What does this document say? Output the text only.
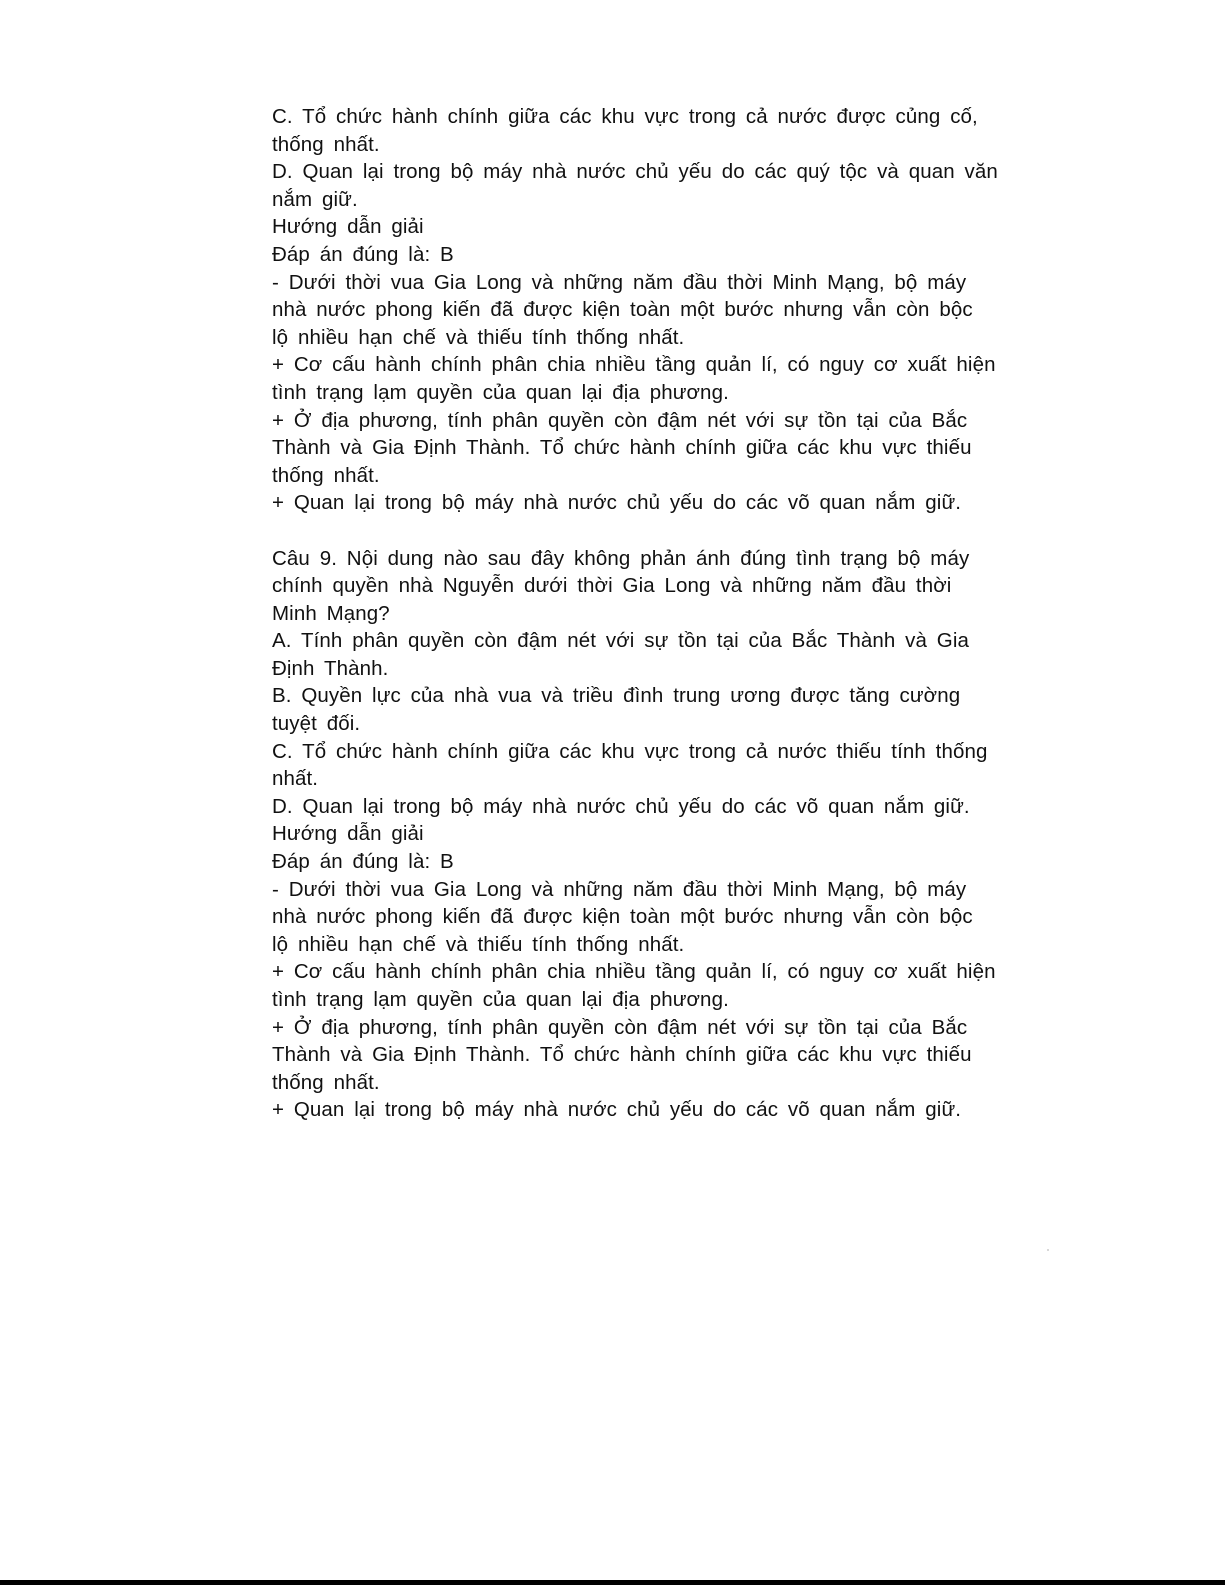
C. Tổ chức hành chính giữa các khu vực trong cả nước được củng cố,
thống nhất.
D. Quan lại trong bộ máy nhà nước chủ yếu do các quý tộc và quan văn
nắm giữ.
Hướng dẫn giải
Đáp án đúng là: B
- Dưới thời vua Gia Long và những năm đầu thời Minh Mạng, bộ máy
nhà nước phong kiến đã được kiện toàn một bước nhưng vẫn còn bộc
lộ nhiều hạn chế và thiếu tính thống nhất.
+ Cơ cấu hành chính phân chia nhiều tầng quản lí, có nguy cơ xuất hiện
tình trạng lạm quyền của quan lại địa phương.
+ Ở địa phương, tính phân quyền còn đậm nét với sự tồn tại của Bắc
Thành và Gia Định Thành. Tổ chức hành chính giữa các khu vực thiếu
thống nhất.
+ Quan lại trong bộ máy nhà nước chủ yếu do các võ quan nắm giữ.
Câu 9. Nội dung nào sau đây không phản ánh đúng tình trạng bộ máy
chính quyền nhà Nguyễn dưới thời Gia Long và những năm đầu thời
Minh Mạng?
A. Tính phân quyền còn đậm nét với sự tồn tại của Bắc Thành và Gia
Định Thành.
B. Quyền lực của nhà vua và triều đình trung ương được tăng cường
tuyệt đối.
C. Tổ chức hành chính giữa các khu vực trong cả nước thiếu tính thống
nhất.
D. Quan lại trong bộ máy nhà nước chủ yếu do các võ quan nắm giữ.
Hướng dẫn giải
Đáp án đúng là: B
- Dưới thời vua Gia Long và những năm đầu thời Minh Mạng, bộ máy
nhà nước phong kiến đã được kiện toàn một bước nhưng vẫn còn bộc
lộ nhiều hạn chế và thiếu tính thống nhất.
+ Cơ cấu hành chính phân chia nhiều tầng quản lí, có nguy cơ xuất hiện
tình trạng lạm quyền của quan lại địa phương.
+ Ở địa phương, tính phân quyền còn đậm nét với sự tồn tại của Bắc
Thành và Gia Định Thành. Tổ chức hành chính giữa các khu vực thiếu
thống nhất.
+ Quan lại trong bộ máy nhà nước chủ yếu do các võ quan nắm giữ.
